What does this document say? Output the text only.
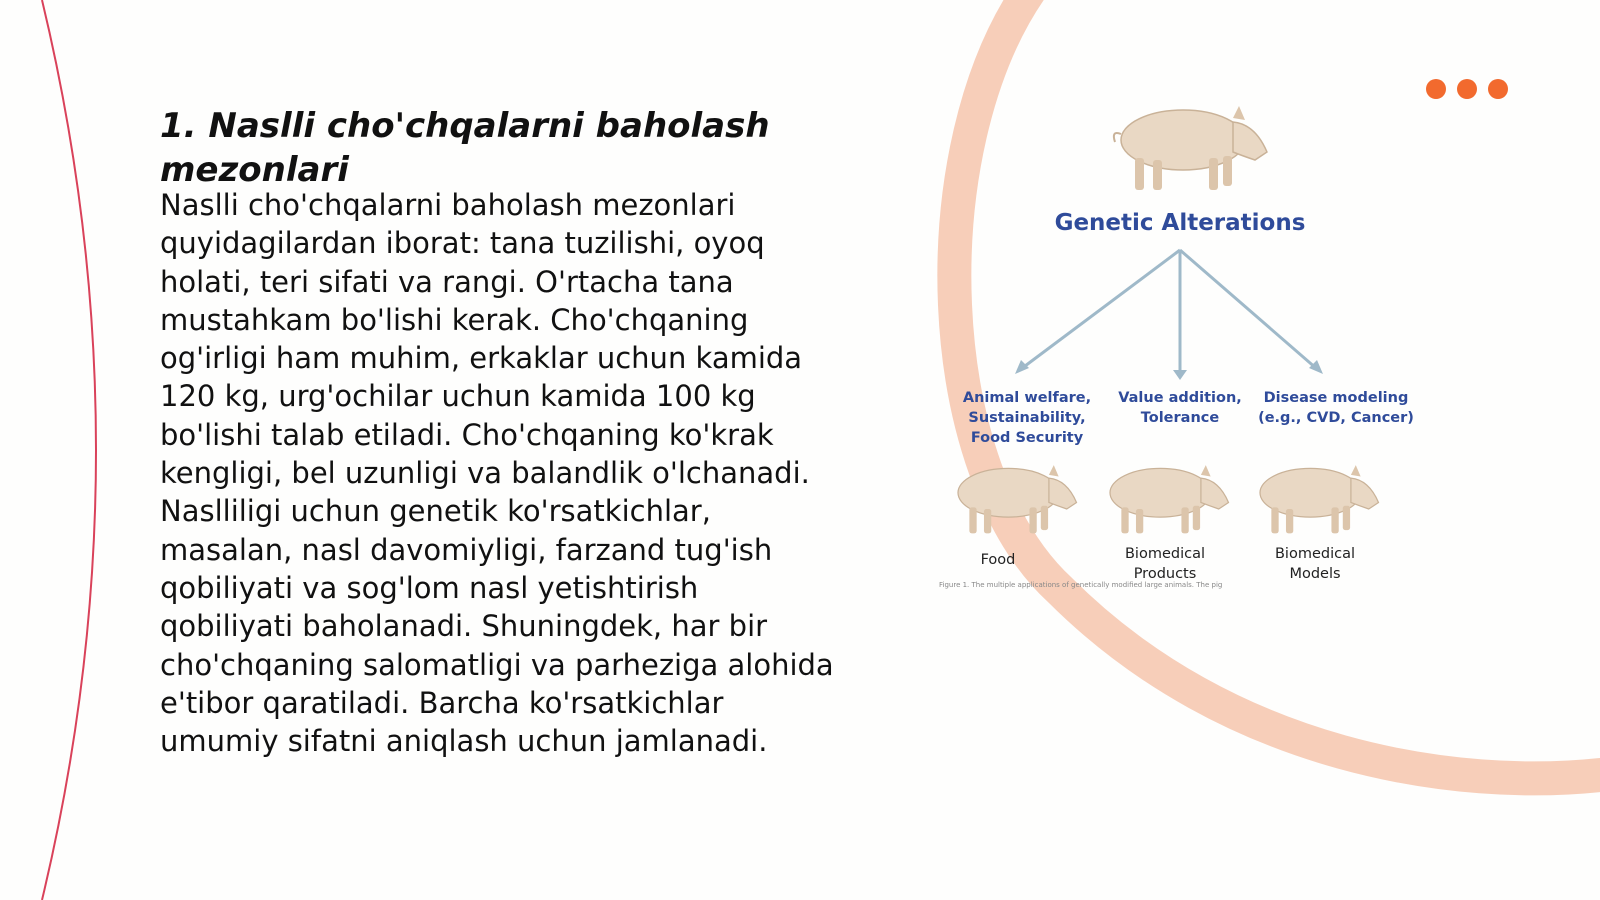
1. Naslli cho'chqalarni baholash mezonlari

Naslli cho'chqalarni baholash mezonlari quyidagilardan iborat: tana tuzilishi, oyoq holati, teri sifati va rangi. O'rtacha tana mustahkam bo'lishi kerak. Cho'chqaning og'irligi ham muhim, erkaklar uchun kamida 120 kg, urg'ochilar uchun kamida 100 kg bo'lishi talab etiladi. Cho'chqaning ko'krak kengligi, bel uzunligi va balandlik o'lchanadi. Naslliligi uchun genetik ko'rsatkichlar, masalan, nasl davomiyligi, farzand tug'ish qobiliyati va sog'lom nasl yetishtirish qobiliyati baholanadi. Shuningdek, har bir cho'chqaning salomatligi va parheziga alohida e'tibor qaratiladi. Barcha ko'rsatkichlar umumiy sifatni aniqlash uchun jamlanadi.

Genetic Alterations
Animal welfare,
Sustainability,
Food Security
Value addition,
Tolerance
Disease modeling
(e.g., CVD, Cancer)
Food	Biomedical
Products
Biomedical
Models
Figure 1. The multiple applications of genetically modified large animals. The pig
